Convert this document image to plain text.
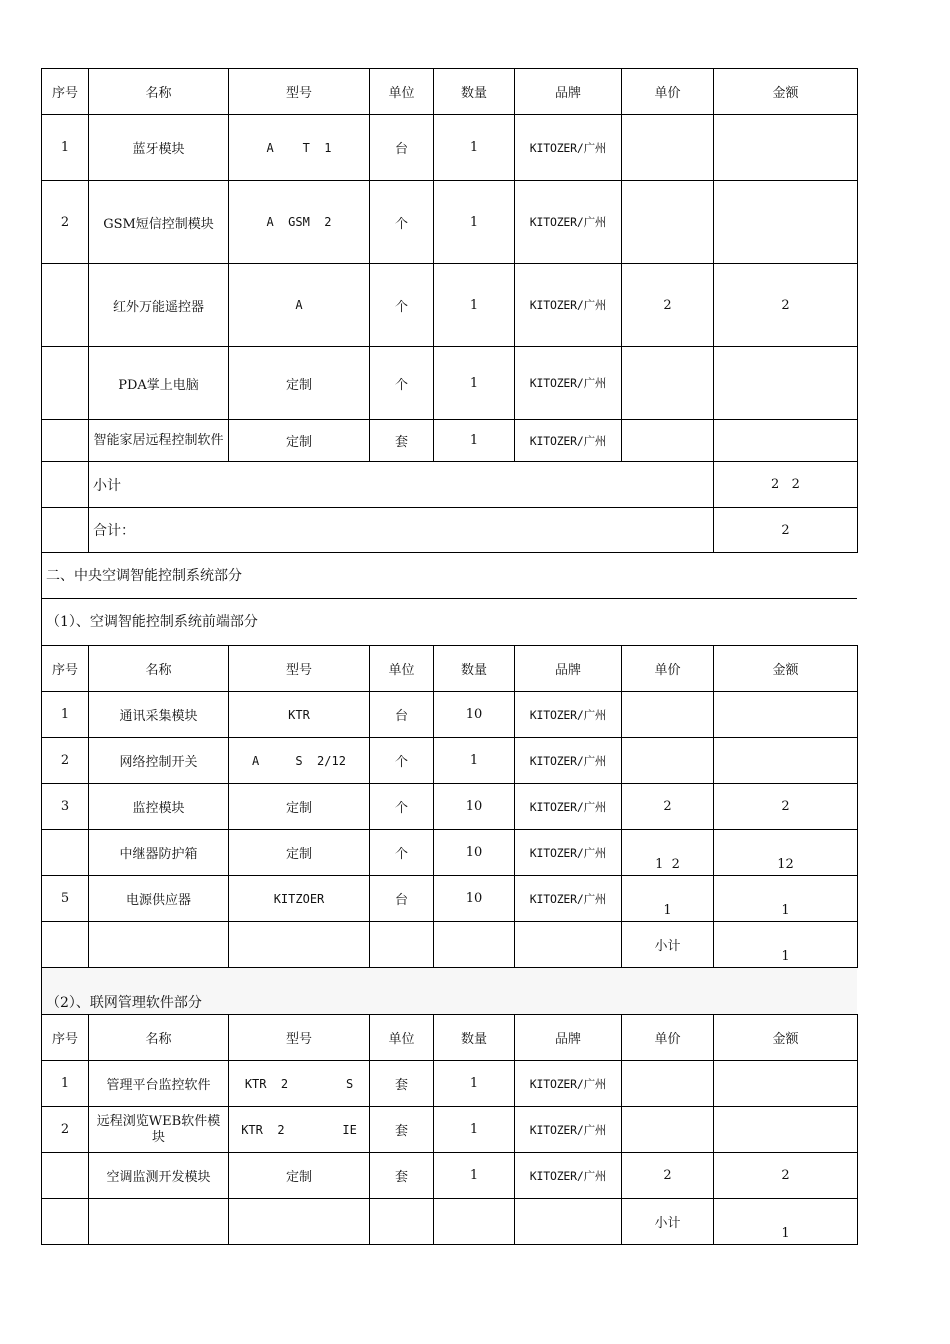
序号	名称	型号	单位	数量	品牌	单价	金额
1	蓝牙模块	A    T  1	台	1	KITOZER/广州		
2	GSM短信控制模块	A  GSM  2	个	1	KITOZER/广州		
	红外万能遥控器	A	个	1	KITOZER/广州	2	2
	PDA掌上电脑	定制	个	1	KITOZER/广州		
	智能家居远程控制软件	定制	套	1	KITOZER/广州		
	小计						2   2
	合计：						2
二、中央空调智能控制系统部分
（1）、空调智能控制系统前端部分
序号	名称	型号	单位	数量	品牌	单价	金额
1	通讯采集模块	KTR	台	10	KITOZER/广州		
2	网络控制开关	A     S  2/12	个	1	KITOZER/广州		
3	监控模块	定制	个	10	KITOZER/广州	2	2
	中继器防护箱	定制	个	10	KITOZER/广州	1  2	12
5	电源供应器	KITZOER	台	10	KITOZER/广州	1	1
						小计	1
（2）、联网管理软件部分
序号	名称	型号	单位	数量	品牌	单价	金额
1	管理平台监控软件	KTR  2        S	套	1	KITOZER/广州		
2	远程浏览WEB软件模块	KTR  2        IE	套	1	KITOZER/广州		
	空调监测开发模块	定制	套	1	KITOZER/广州	2	2
						小计	1
